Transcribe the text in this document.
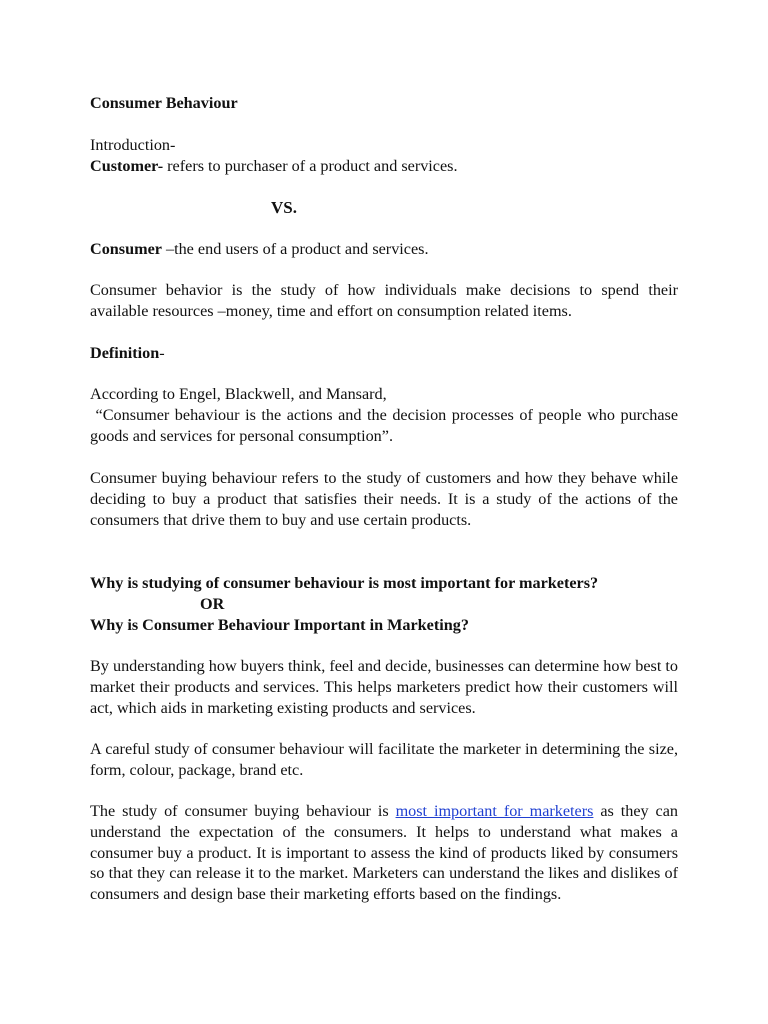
Consumer Behaviour

Introduction-

Customer- refers to purchaser of a product and services.

VS.

Consumer –the end users of a product and services.

Consumer behavior is the study of how individuals make decisions to spend their available resources –money, time and effort on consumption related items.

Definition-

According to Engel, Blackwell, and Mansard,

“Consumer behaviour is the actions and the decision processes of people who purchase goods and services for personal consumption”.

Consumer buying behaviour refers to the study of customers and how they behave while deciding to buy a product that satisfies their needs. It is a study of the actions of the consumers that drive them to buy and use certain products.

Why is studying of consumer behaviour is most important for marketers?

OR

Why is Consumer Behaviour Important in Marketing?

By understanding how buyers think, feel and decide, businesses can determine how best to market their products and services. This helps marketers predict how their customers will act, which aids in marketing existing products and services.

A careful study of consumer behaviour will facilitate the marketer in determining the size, form, colour, package, brand etc.

The study of consumer buying behaviour is most important for marketers as they can understand the expectation of the consumers. It helps to understand what makes a consumer buy a product. It is important to assess the kind of products liked by consumers so that they can release it to the market. Marketers can understand the likes and dislikes of consumers and design base their marketing efforts based on the findings.
